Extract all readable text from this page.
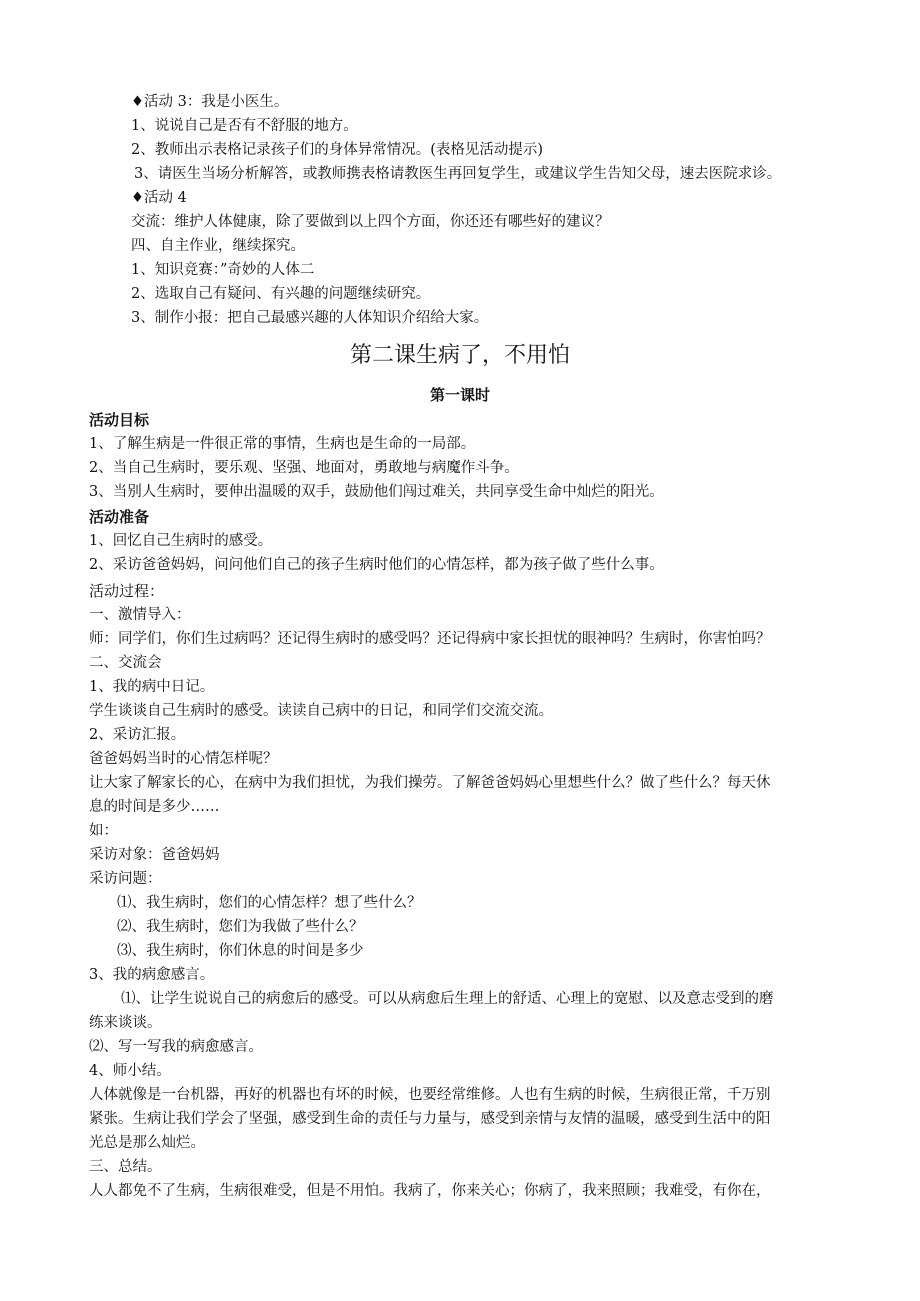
♦活动 3：我是小医生。
1、说说自己是否有不舒服的地方。
2、教师出示表格记录孩子们的身体异常情况。(表格见活动提示)
3、请医生当场分析解答，或教师携表格请教医生再回复学生，或建议学生告知父母，速去医院求诊。
♦活动 4
交流：维护人体健康，除了要做到以上四个方面，你还还有哪些好的建议？
四、自主作业，继续探究。
1、知识竞赛：”奇妙的人体二
2、选取自己有疑问、有兴趣的问题继续研究。
3、制作小报：把自己最感兴趣的人体知识介绍给大家。
第二课生病了，不用怕
第一课时
活动目标
1、了解生病是一件很正常的事情，生病也是生命的一局部。
2、当自己生病时，要乐观、坚强、地面对，勇敢地与病魔作斗争。
3、当别人生病时，要伸出温暖的双手，鼓励他们闯过难关，共同享受生命中灿烂的阳光。
活动准备
1、回忆自己生病时的感受。
2、采访爸爸妈妈，问问他们自己的孩子生病时他们的心情怎样，都为孩子做了些什么事。
活动过程：
一、激情导入：
师：同学们，你们生过病吗？还记得生病时的感受吗？还记得病中家长担忧的眼神吗？生病时，你害怕吗？
二、交流会
1、我的病中日记。
学生谈谈自己生病时的感受。读读自己病中的日记，和同学们交流交流。
2、采访汇报。
爸爸妈妈当时的心情怎样呢？
让大家了解家长的心，在病中为我们担忧，为我们操劳。了解爸爸妈妈心里想些什么？做了些什么？每天休
息的时间是多少……
如：
采访对象：爸爸妈妈
采访问题：
⑴、我生病时，您们的心情怎样？想了些什么？
⑵、我生病时，您们为我做了些什么？
⑶、我生病时，你们休息的时间是多少
3、我的病愈感言。
⑴、让学生说说自己的病愈后的感受。可以从病愈后生理上的舒适、心理上的宽慰、以及意志受到的磨
练来谈谈。
⑵、写一写我的病愈感言。
4、师小结。
人体就像是一台机器，再好的机器也有坏的时候，也要经常维修。人也有生病的时候，生病很正常，千万别
紧张。生病让我们学会了坚强，感受到生命的责任与力量与，感受到亲情与友情的温暖，感受到生活中的阳
光总是那么灿烂。
三、总结。
人人都免不了生病，生病很难受，但是不用怕。我病了，你来关心；你病了，我来照顾；我难受，有你在，
